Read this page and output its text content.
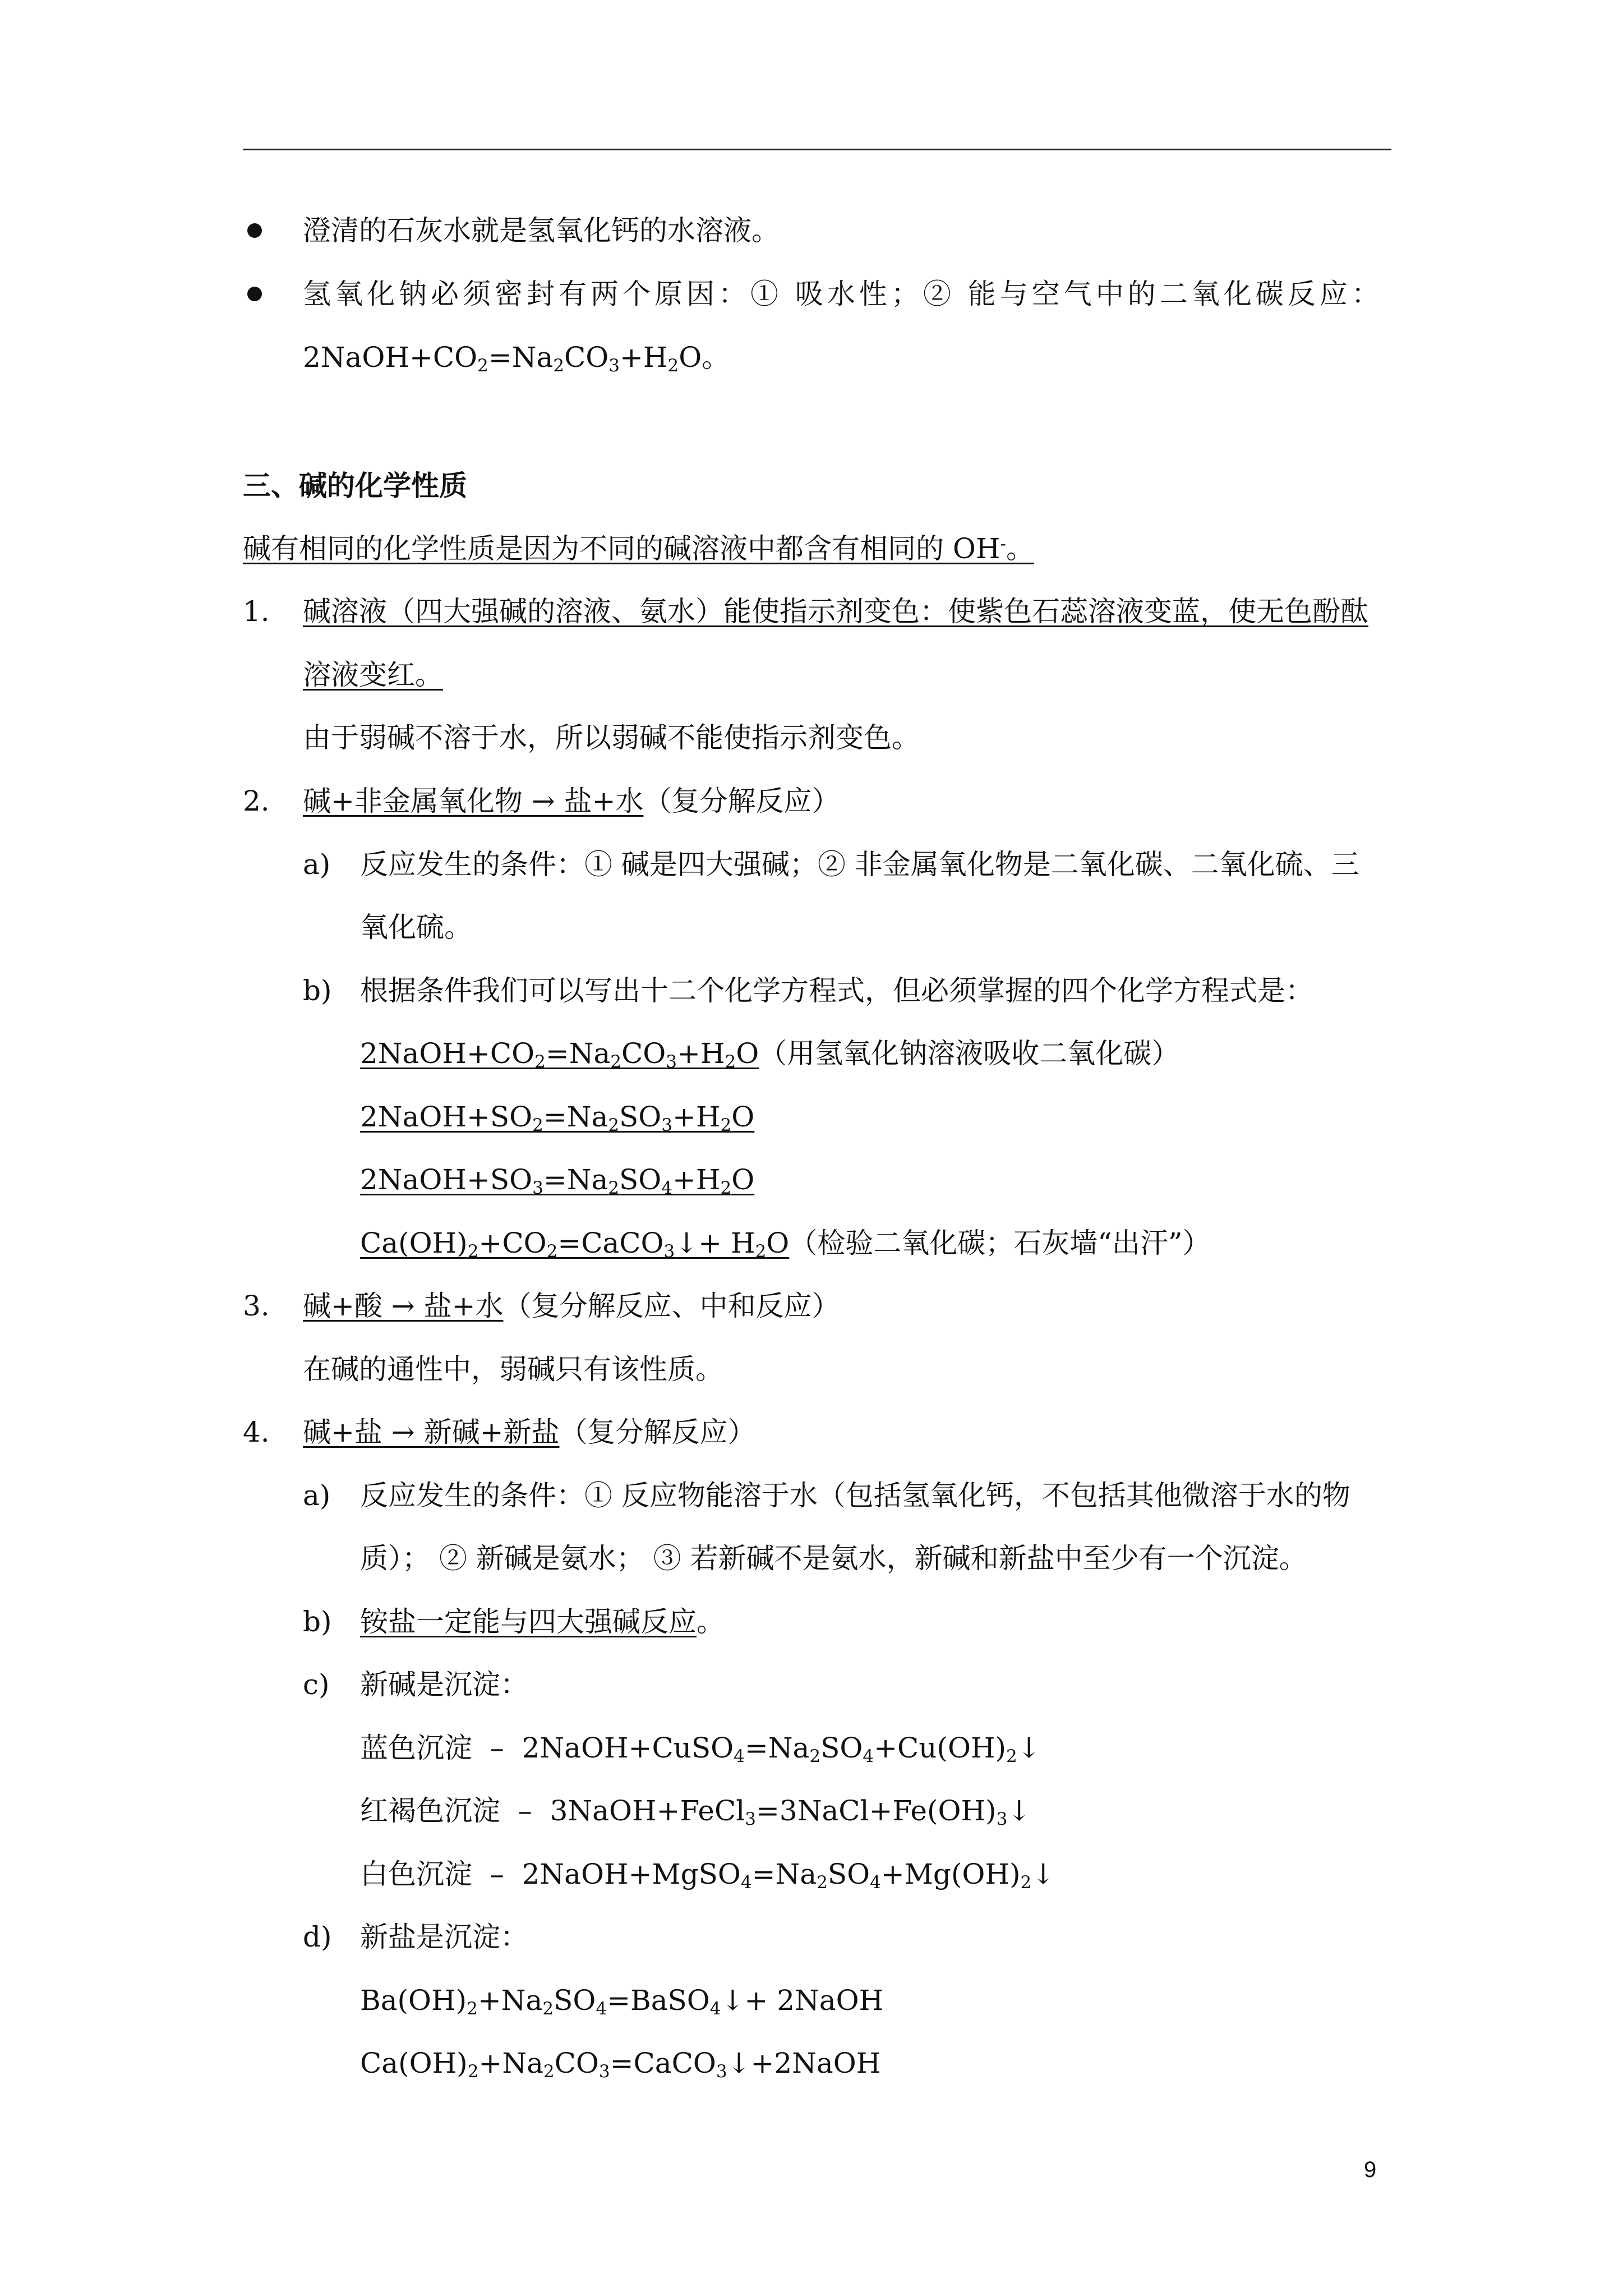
澄清的石灰水就是氢氧化钙的水溶液。
氢氧化钠必须密封有两个原因：① 吸水性；② 能与空气中的二氧化碳反应：
$2NaOH+CO_2=Na_2CO_3+H_2O$。
三、碱的化学性质
碱有相同的化学性质是因为不同的碱溶液中都含有相同的 OH-。
1. 碱溶液（四大强碱的溶液、氨水）能使指示剂变色：使紫色石蕊溶液变蓝，使无色酚酞
溶液变红。
由于弱碱不溶于水，所以弱碱不能使指示剂变色。
2. 碱+非金属氧化物 → 盐+水（复分解反应）
a) 反应发生的条件：① 碱是四大强碱；② 非金属氧化物是二氧化碳、二氧化硫、三
氧化硫。
b) 根据条件我们可以写出十二个化学方程式，但必须掌握的四个化学方程式是：
$2NaOH+CO_2=Na_2CO_3+H_2O$（用氢氧化钠溶液吸收二氧化碳）
$2NaOH+SO_2=Na_2SO_3+H_2O$
$2NaOH+SO_3=Na_2SO_4+H_2O$
$Ca(OH)_2+CO_2=CaCO_3↓+ H_2O$（检验二氧化碳；石灰墙“出汗”）
3. 碱+酸 → 盐+水（复分解反应、中和反应）
在碱的通性中，弱碱只有该性质。
4. 碱+盐 → 新碱+新盐（复分解反应）
a) 反应发生的条件：① 反应物能溶于水（包括氢氧化钙，不包括其他微溶于水的物
质）； ② 新碱是氨水； ③ 若新碱不是氨水，新碱和新盐中至少有一个沉淀。
b) 铵盐一定能与四大强碱反应。
c) 新碱是沉淀：
蓝色沉淀 –  $2NaOH+CuSO_4=Na_2SO_4+Cu(OH)_2↓$
红褐色沉淀 –  $3NaOH+FeCl_3=3NaCl+Fe(OH)_3↓$
白色沉淀 –  $2NaOH+MgSO_4=Na_2SO_4+Mg(OH)_2↓$
d) 新盐是沉淀：
$Ba(OH)_2+Na_2SO_4=BaSO_4↓+$ 2NaOH
$Ca(OH)_2+Na_2CO_3=CaCO_3↓+2NaOH$
9
